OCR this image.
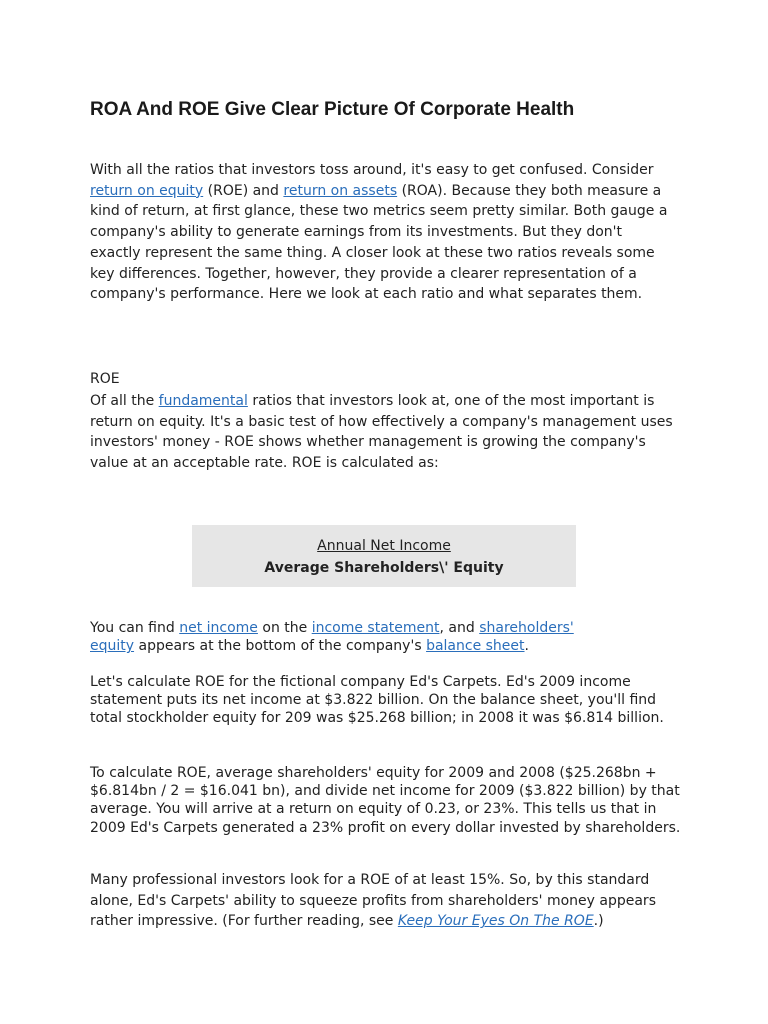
ROA And ROE Give Clear Picture Of Corporate Health

With all the ratios that investors toss around, it's easy to get confused. Consider return on equity (ROE) and return on assets (ROA). Because they both measure a kind of return, at first glance, these two metrics seem pretty similar. Both gauge a company's ability to generate earnings from its investments. But they don't exactly represent the same thing. A closer look at these two ratios reveals some key differences. Together, however, they provide a clearer representation of a company's performance. Here we look at each ratio and what separates them.

ROE

Of all the fundamental ratios that investors look at, one of the most important is return on equity. It's a basic test of how effectively a company's management uses investors' money - ROE shows whether management is growing the company's value at an acceptable rate. ROE is calculated as:

Annual Net Income
Average Shareholders\' Equity

You can find net income on the income statement, and shareholders' equity appears at the bottom of the company's balance sheet.

Let's calculate ROE for the fictional company Ed's Carpets. Ed's 2009 income statement puts its net income at $3.822 billion. On the balance sheet, you'll find total stockholder equity for 209 was $25.268 billion; in 2008 it was $6.814 billion.

To calculate ROE, average shareholders' equity for 2009 and 2008 ($25.268bn + $6.814bn / 2 = $16.041 bn), and divide net income for 2009 ($3.822 billion) by that average. You will arrive at a return on equity of 0.23, or 23%. This tells us that in 2009 Ed's Carpets generated a 23% profit on every dollar invested by shareholders.

Many professional investors look for a ROE of at least 15%. So, by this standard alone, Ed's Carpets' ability to squeeze profits from shareholders' money appears rather impressive. (For further reading, see Keep Your Eyes On The ROE.)
